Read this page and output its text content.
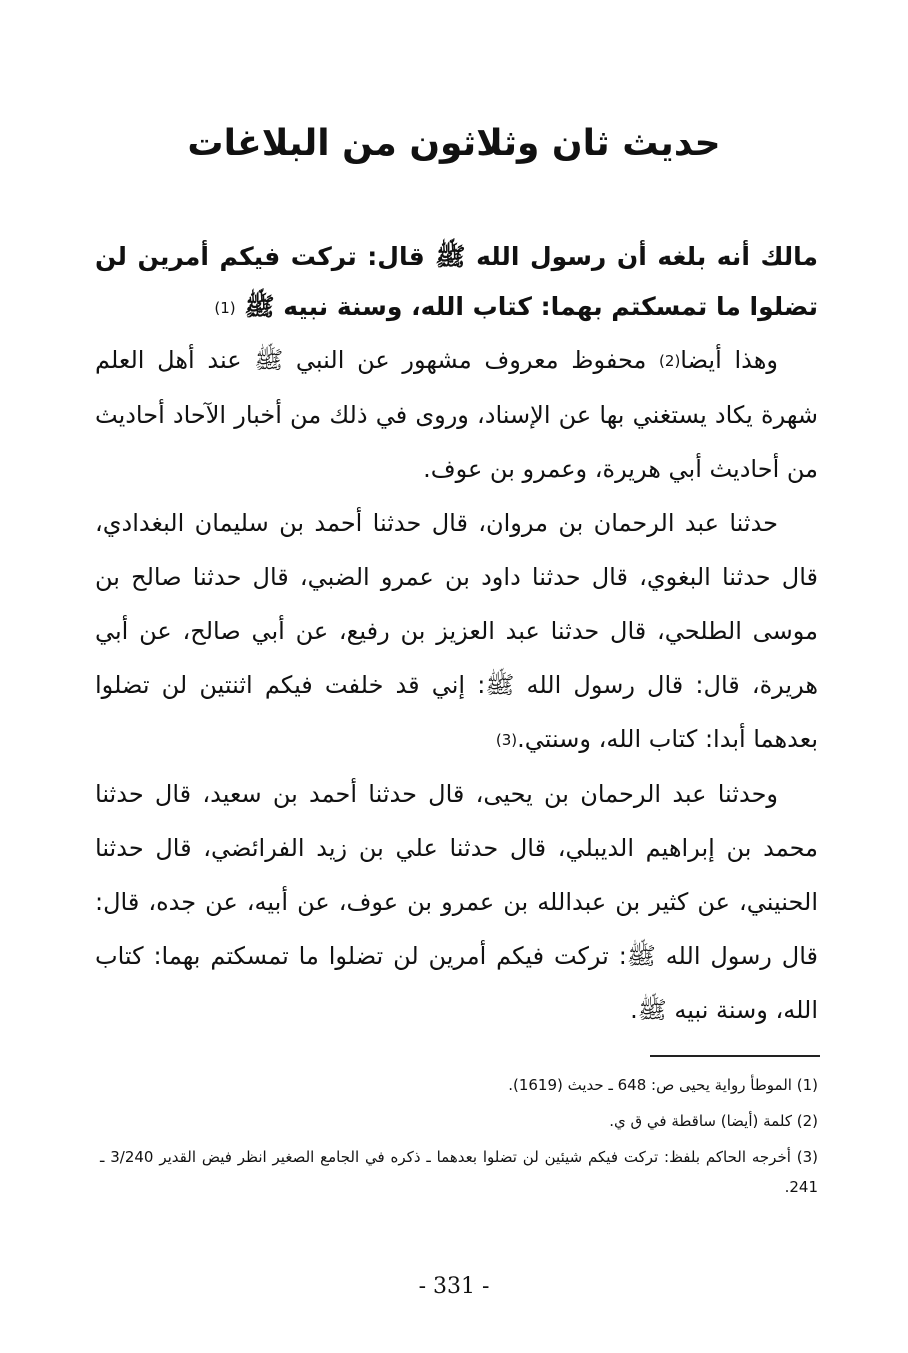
حديث ثان وثلاثون من البلاغات

مالك أنه بلغه أن رسول الله ﷺ قال: تركت فيكم أمرين لن تضلوا ما تمسكتم بهما: كتاب الله، وسنة نبيه ﷺ (1)

وهذا أيضا(2) محفوظ معروف مشهور عن النبي ﷺ عند أهل العلم شهرة يكاد يستغني بها عن الإسناد، وروى في ذلك من أخبار الآحاد أحاديث من أحاديث أبي هريرة، وعمرو بن عوف.

حدثنا عبد الرحمان بن مروان، قال حدثنا أحمد بن سليمان البغدادي، قال حدثنا البغوي، قال حدثنا داود بن عمرو الضبي، قال حدثنا صالح بن موسى الطلحي، قال حدثنا عبد العزيز بن رفيع، عن أبي صالح، عن أبي هريرة، قال: قال رسول الله ﷺ: إني قد خلفت فيكم اثنتين لن تضلوا بعدهما أبدا: كتاب الله، وسنتي.(3)

وحدثنا عبد الرحمان بن يحيى، قال حدثنا أحمد بن سعيد، قال حدثنا محمد بن إبراهيم الديبلي، قال حدثنا علي بن زيد الفرائضي، قال حدثنا الحنيني، عن كثير بن عبدالله بن عمرو بن عوف، عن أبيه، عن جده، قال: قال رسول الله ﷺ: تركت فيكم أمرين لن تضلوا ما تمسكتم بهما: كتاب الله، وسنة نبيه ﷺ.

(1) الموطأ رواية يحيى ص: 648 ـ حديث (1619).

(2) كلمة (أيضا) ساقطة في ق ي.

(3) أخرجه الحاكم بلفظ: تركت فيكم شيئين لن تضلوا بعدهما ـ ذكره في الجامع الصغير انظر فيض القدير 3/240 ـ 241.

- 331 -
